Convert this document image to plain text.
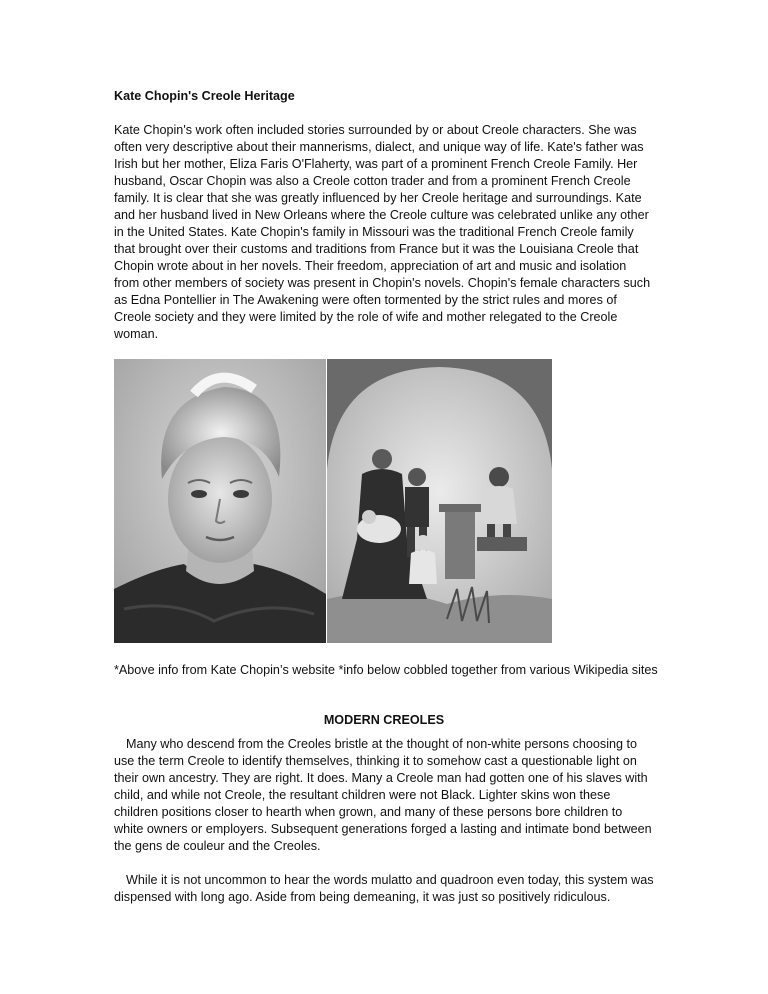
Kate Chopin's Creole Heritage

Kate Chopin's work often included stories surrounded by or about Creole characters. She was often very descriptive about their mannerisms, dialect, and unique way of life. Kate's father was Irish but her mother, Eliza Faris O'Flaherty, was part of a prominent French Creole Family. Her husband, Oscar Chopin was also a Creole cotton trader and from a prominent French Creole family. It is clear that she was greatly influenced by her Creole heritage and surroundings. Kate and her husband lived in New Orleans where the Creole culture was celebrated unlike any other in the United States. Kate Chopin's family in Missouri was the traditional French Creole family that brought over their customs and traditions from France but it was the Louisiana Creole that Chopin wrote about in her novels. Their freedom, appreciation of art and music and isolation from other members of society was present in Chopin's novels. Chopin's female characters such as Edna Pontellier in The Awakening were often tormented by the strict rules and mores of Creole society and they were limited by the role of wife and mother relegated to the Creole woman.

*Above info from Kate Chopin’s website *info below cobbled together from various Wikipedia sites

MODERN CREOLES

Many who descend from the Creoles bristle at the thought of non-white persons choosing to use the term Creole to identify themselves, thinking it to somehow cast a questionable light on their own ancestry. They are right. It does. Many a Creole man had gotten one of his slaves with child, and while not Creole, the resultant children were not Black. Lighter skins won these children positions closer to hearth when grown, and many of these persons bore children to white owners or employers. Subsequent generations forged a lasting and intimate bond between the gens de couleur and the Creoles.

While it is not uncommon to hear the words mulatto and quadroon even today, this system was dispensed with long ago. Aside from being demeaning, it was just so positively ridiculous.
